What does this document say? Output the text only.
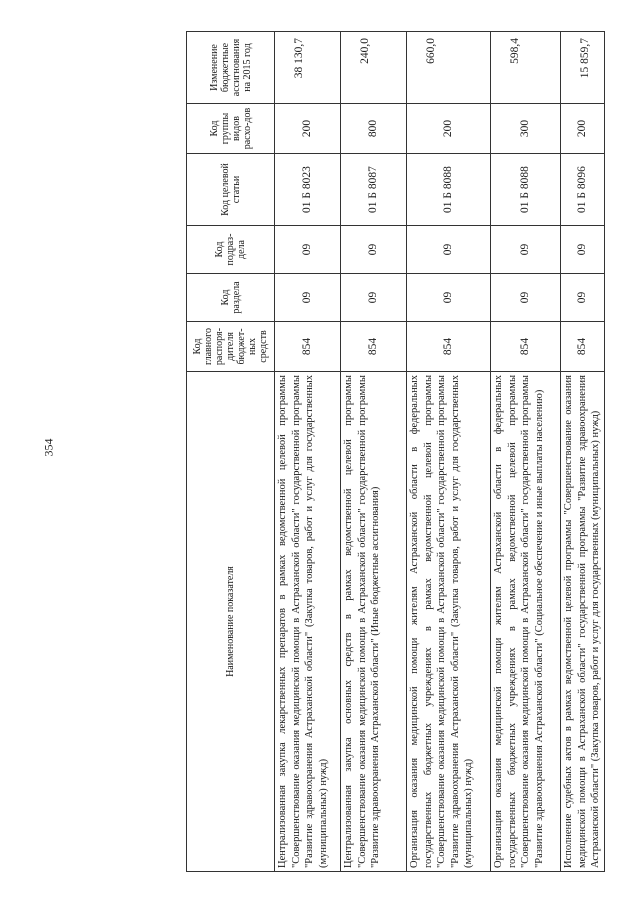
354
Наименование показателя	Код главного распоря-дителя бюджет-ных средств	Код раздела	Код подраз-дела	Код целевой статьи	Код группы видов расхо-дов	Изменение бюджетные ассигнования на 2015 год
Централизованная закупка лекарственных препаратов в рамках ведомственной целевой программы "Совершенствование оказания медицинской помощи в Астраханской области" государственной программы "Развитие здравоохранения Астраханской области" (Закупка товаров, работ и услуг для государственных (муниципальных) нужд)	854	09	09	01 Б 8023	200	38 130,7
Централизованная закупка основных средств в рамках ведомственной целевой программы "Совершенствование оказания медицинской помощи в Астраханской области" государственной программы "Развитие здравоохранения Астраханской области" (Иные бюджетные ассигнования)	854	09	09	01 Б 8087	800	240,0
Организация оказания медицинской помощи жителям Астраханской области в федеральных государственных бюджетных учреждениях в рамках ведомственной целевой программы "Совершенствование оказания медицинской помощи в Астраханской области" государственной программы "Развитие здравоохранения Астраханской области" (Закупка товаров, работ и услуг для государственных (муниципальных) нужд)	854	09	09	01 Б 8088	200	660,0
Организация оказания медицинской помощи жителям Астраханской области в федеральных государственных бюджетных учреждениях в рамках ведомственной целевой программы "Совершенствование оказания медицинской помощи в Астраханской области" государственной программы "Развитие здравоохранения Астраханской области" (Социальное обеспечение и иные выплаты населению)	854	09	09	01 Б 8088	300	598,4
Исполнение судебных актов в рамках ведомственной целевой программы "Совершенствование оказания медицинской помощи в Астраханской области" государственной программы "Развитие здравоохранения Астраханской области" (Закупка товаров, работ и услуг для государственных (муниципальных) нужд)	854	09	09	01 Б 8096	200	15 859,7
